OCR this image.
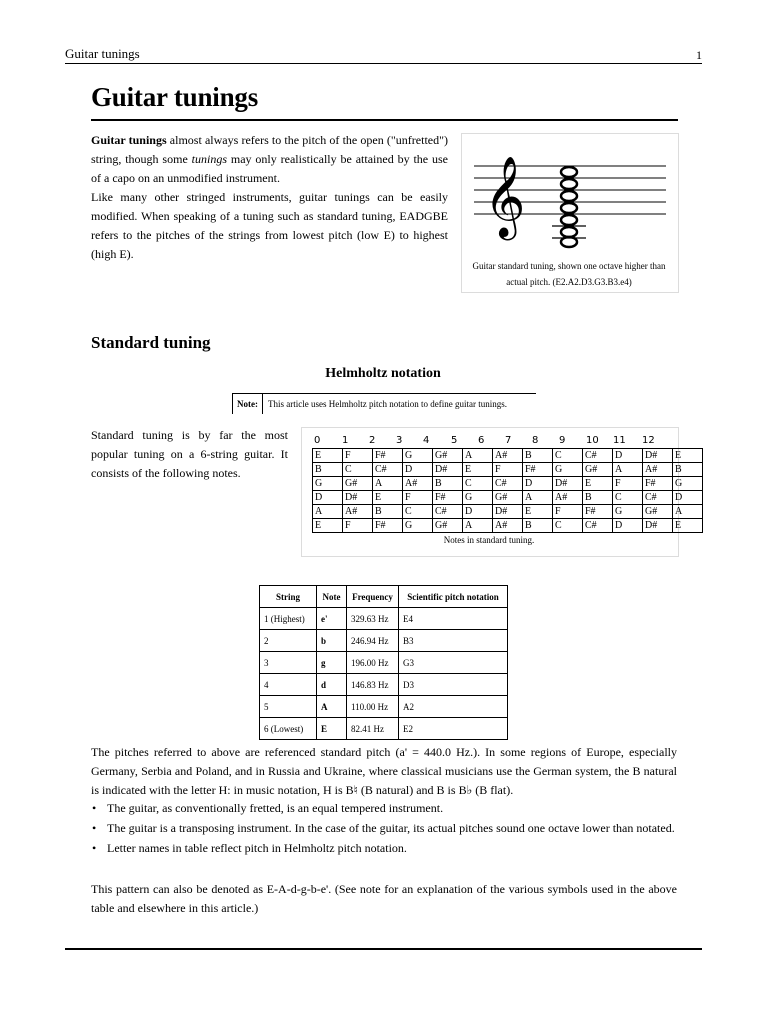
Guitar tunings	1
Guitar tunings

Guitar tunings almost always refers to the pitch of the open ("unfretted") string, though some tunings may only realistically be attained by the use of a capo on an unmodified instrument.

Like many other stringed instruments, guitar tunings can be easily modified. When speaking of a tuning such as standard tuning, EADGBE refers to the pitches of the strings from lowest pitch (low E) to highest (high E).

𝄞
Guitar standard tuning, shown one octave higher than actual pitch. (E2.A2.D3.G3.B3.e4)
Standard tuning
Helmholtz notation
Note:	This article uses Helmholtz pitch notation to define guitar tunings.

Standard tuning is by far the most popular tuning on a 6-string guitar. It consists of the following notes.

0	1	2	3	4	5	6	7	8	9	10	11	12
E	F	F#	G	G#	A	A#	B	C	C#	D	D#	E
B	C	C#	D	D#	E	F	F#	G	G#	A	A#	B
G	G#	A	A#	B	C	C#	D	D#	E	F	F#	G
D	D#	E	F	F#	G	G#	A	A#	B	C	C#	D
A	A#	B	C	C#	D	D#	E	F	F#	G	G#	A
E	F	F#	G	G#	A	A#	B	C	C#	D	D#	E
Notes in standard tuning.
String	Note	Frequency	Scientific pitch notation
1 (Highest)	e'	329.63 Hz	E4
2	b	246.94 Hz	B3
3	g	196.00 Hz	G3
4	d	146.83 Hz	D3
5	A	110.00 Hz	A2
6 (Lowest)	E	82.41 Hz	E2

The pitches referred to above are referenced standard pitch (a' = 440.0 Hz.). In some regions of Europe, especially Germany, Serbia and Poland, and in Russia and Ukraine, where classical musicians use the German system, the B natural is indicated with the letter H: in music notation, H is B♮ (B natural) and B is B♭ (B flat).

• The guitar, as conventionally fretted, is an equal tempered instrument.
• The guitar is a transposing instrument. In the case of the guitar, its actual pitches sound one octave lower than notated.
• Letter names in table reflect pitch in Helmholtz pitch notation.

This pattern can also be denoted as E-A-d-g-b-e'. (See note for an explanation of the various symbols used in the above table and elsewhere in this article.)
